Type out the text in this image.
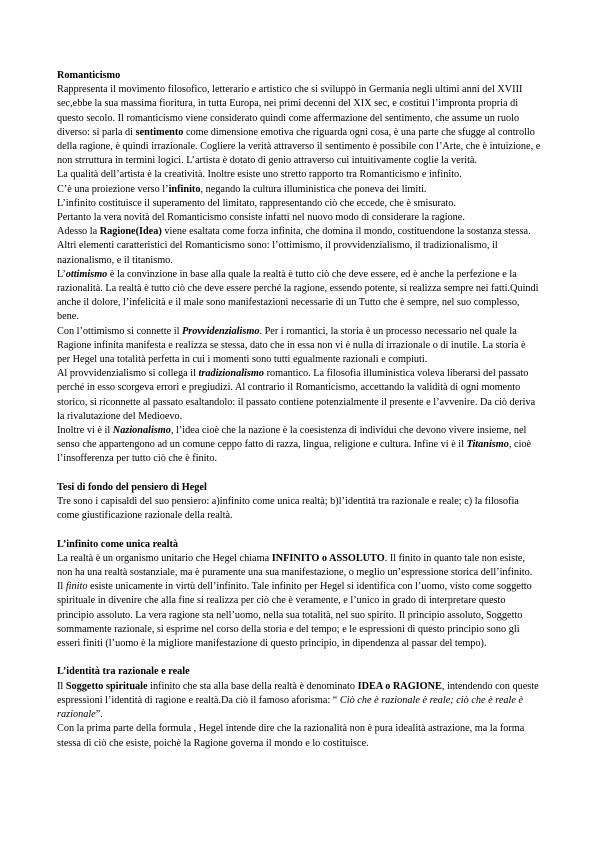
Romanticismo

Rappresenta il movimento filosofico, letterario e artistico che si sviluppò in Germania negli ultimi anni del XVIII sec,ebbe la sua massima fioritura, in tutta Europa, nei primi decenni del XIX sec, e costitui l’impronta propria di questo secolo. Il romanticismo viene considerato quindi come affermazione del sentimento, che assume un ruolo diverso: si parla di sentimento come dimensione emotiva che riguarda ogni cosa, è una parte che sfugge al controllo della ragione, è quindi irrazionale. Cogliere la verità attraverso il sentimento è possibile con l’Arte, che è intuizione, e non strruttura in termini logici. L’artista è dotato di genio attraverso cui intuitivamente coglie la verità.

La qualità dell’artista è la creatività. Inoltre esiste uno stretto rapporto tra Romanticismo e infinito.

C’è una proiezione verso l’infinito, negando la cultura illuministica che poneva dei limiti.

L’infinito costituisce il superamento del limitato, rappresentando ciò che eccede, che è smisurato.

Pertanto la vera novità del Romanticismo consiste infatti nel nuovo modo di considerare la ragione.

Adesso la Ragione(Idea) viene esaltata come forza infinita, che domina il mondo, costituendone la sostanza stessa. Altri elementi caratteristici del Romanticismo sono: l’ottimismo, il provvidenzialismo, il tradizionalismo, il nazionalismo, e il titanismo.

L’ottimismo è la convinzione in base alla quale la realtà è tutto ciò che deve essere, ed è anche la perfezione e la razionalità. La realtà è tutto ciò che deve essere perché la ragione, essendo potente, si realizza sempre nei fatti.Quindi anche il dolore, l’infelicità e il male sono manifestazioni necessarie di un Tutto che è sempre, nel suo complesso, bene.

Con l’ottimismo si connette il Provvidenzialismo. Per i romantici, la storia è un processo necessario nel quale la Ragione infinita manifesta e realizza se stessa, dato che in essa non vi è nulla di irrazionale o di inutile. La storia è per Hegel una totalità perfetta in cui i momenti sono tutti egualmente razionali e compiuti.

Al provvidenzialismo si collega il tradizionalismo romantico. La filosofia illuministica voleva liberarsi del passato perché in esso scorgeva errori e pregiudizi. Al contrario il Romanticismo, accettando la validità di ogni momento storico, si riconnette al passato esaltandolo: il passato contiene potenzialmente il presente e l’avvenire. Da ciò deriva la rivalutazione del Medioevo.

Inoltre vi è il Nazionalismo, l’idea cioè che la nazione è la coesistenza di individui che devono vivere insieme, nel senso che appartengono ad un comune ceppo fatto di razza, lingua, religione e cultura. Infine vi è il Titanismo, cioè l’insofferenza per tutto ciò che è finito.

Tesi di fondo del pensiero di Hegel

Tre sono i capisaldi del suo pensiero: a)infinito come unica realtà; b)l’identità tra razionale e reale; c) la filosofia come giustificazione razionale della realtà.

L’infinito come unica realtà

La realtà è un organismo unitario che Hegel chiama INFINITO o ASSOLUTO. Il finito in quanto tale non esiste, non ha una realtà sostanziale, ma è puramente una sua manifestazione, o meglio un’espressione storica dell’infinito. Il finito esiste unicamente in virtù dell’infinito. Tale infinito per Hegel si identifica con l’uomo, visto come soggetto spirituale in divenire che alla fine si realizza per ciò che è veramente, e l’unico in grado di interpretare questo principio assoluto. La vera ragione sta nell’uomo, nella sua totalità, nel suo spirito. Il principio assoluto, Soggetto sommamente razionale, si esprime nel corso della storia e del tempo; e le espressioni di questo principio sono gli esseri finiti (l’uomo è la migliore manifestazione di questo principio, in dipendenza al passar del tempo).

L’identità tra razionale e reale

Il Soggetto spirituale infinito che sta alla base della realtà è denominato IDEA o RAGIONE, intendendo con queste espressioni l’identità di ragione e realtà.Da ciò il famoso aforisma: “ Ciò che è razionale è reale; ciò che è reale è razionale”.

Con la prima parte della formula , Hegel intende dire che la razionalità non è pura idealità astrazione, ma la forma stessa di ciò che esiste, poichè la Ragione governa il mondo e lo costituisce.
